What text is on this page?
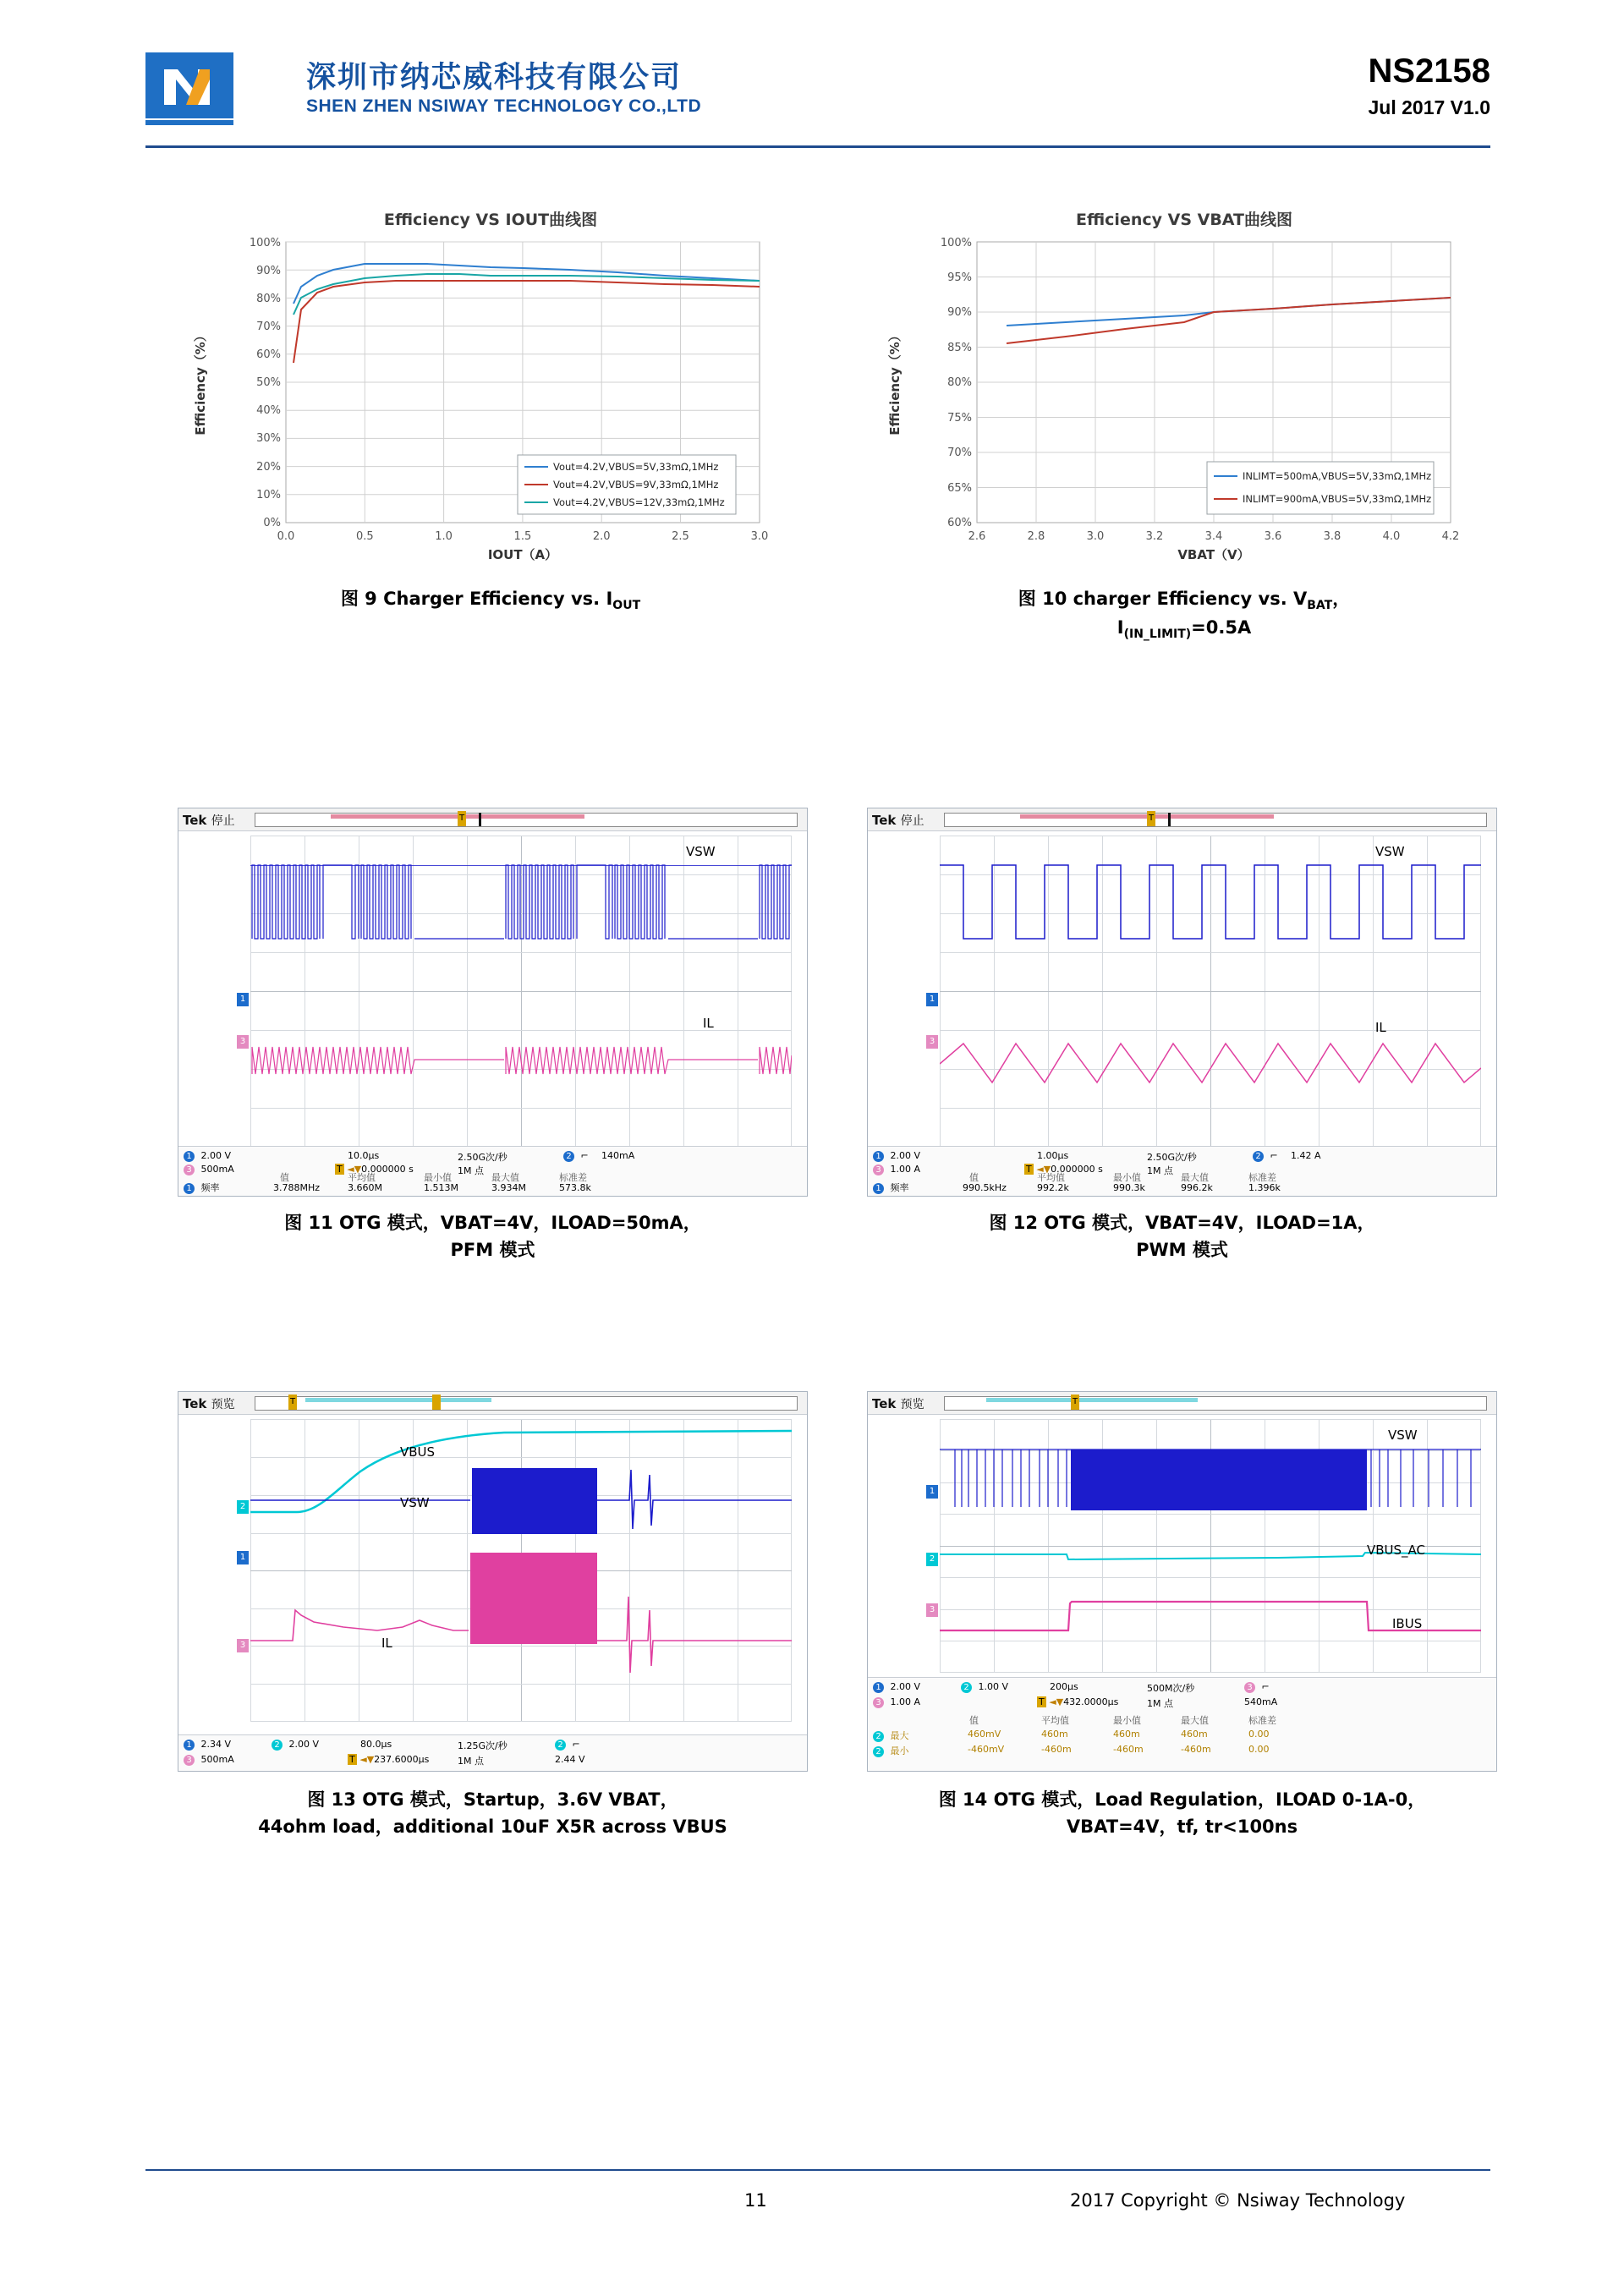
深圳市纳芯威科技有限公司
SHEN ZHEN NSIWAY TECHNOLOGY CO.,LTD
NS2158
Jul 2017 V1.0
Efficiency VS IOUT曲线图
100%
90%
80%
70%
60%
50%
40%
30%
20%
10%
0%
0.0	0.5	1.0	1.5	2.0	2.5	3.0
IOUT（A）
Efficiency（%）
Vout=4.2V,VBUS=5V,33mΩ,1MHz
Vout=4.2V,VBUS=9V,33mΩ,1MHz
Vout=4.2V,VBUS=12V,33mΩ,1MHz
图 9 Charger Efficiency vs. $I_{OUT}$
Efficiency VS VBAT曲线图
100%
95%
90%
85%
80%
75%
70%
65%
60%
2.6	2.8	3.0	3.2	3.4	3.6	3.8	4.0	4.2
VBAT（V）
Efficiency（%）
INLIMT=500mA,VBUS=5V,33mΩ,1MHz
INLIMT=900mA,VBUS=5V,33mΩ,1MHz
图 10 charger Efficiency vs. $V_{BAT}$，
$I_{(IN\_LIMIT)}=0.5A$
Tek 停止	T
VSW
IL
1
3
1 2.00 V
3 500mA
10.0μs
T ◄▼0.000000 s
2.50G次/秒
1M 点
2 ⌐ 140mA
1 频率
值	平均值	最小值	最大值	标准差
3.788MHz	3.660M	1.513M	3.934M	573.8k
图 11 OTG 模式，VBAT=4V，ILOAD=50mA，
PFM 模式
Tek 停止	T
VSW
IL
1
3
1 2.00 V
3 1.00 A
1.00μs
T ◄▼0.000000 s
2.50G次/秒
1M 点
2 ⌐ 1.42 A
1 频率
值	平均值	最小值	最大值	标准差
990.5kHz	992.2k	990.3k	996.2k	1.396k
图 12 OTG 模式，VBAT=4V，ILOAD=1A，
PWM 模式
Tek 预览	T
VBUS
VSW
IL
2
1
3
1 2.34 V	2 2.00 V
3 500mA
80.0μs
T ◄▼237.6000μs
1.25G次/秒
1M 点
2 ⌐
2.44 V
图 13 OTG 模式，Startup，3.6V VBAT，
44ohm load，additional 10uF X5R across VBUS
Tek 预览	T
VSW
VBUS_AC
IBUS
1
2
3
1 2.00 V	2 1.00 V
3 1.00 A
200μs
T ◄▼432.0000μs
500M次/秒
1M 点
3 ⌐
540mA
值	平均值	最小值	最大值	标准差
2 最大	460mV	460m	460m	460m	0.00
2 最小	-460mV	-460m	-460m	-460m	0.00
图 14 OTG 模式，Load Regulation，ILOAD 0-1A-0，
VBAT=4V，tf, tr<100ns
11	2017 Copyright © Nsiway Technology
